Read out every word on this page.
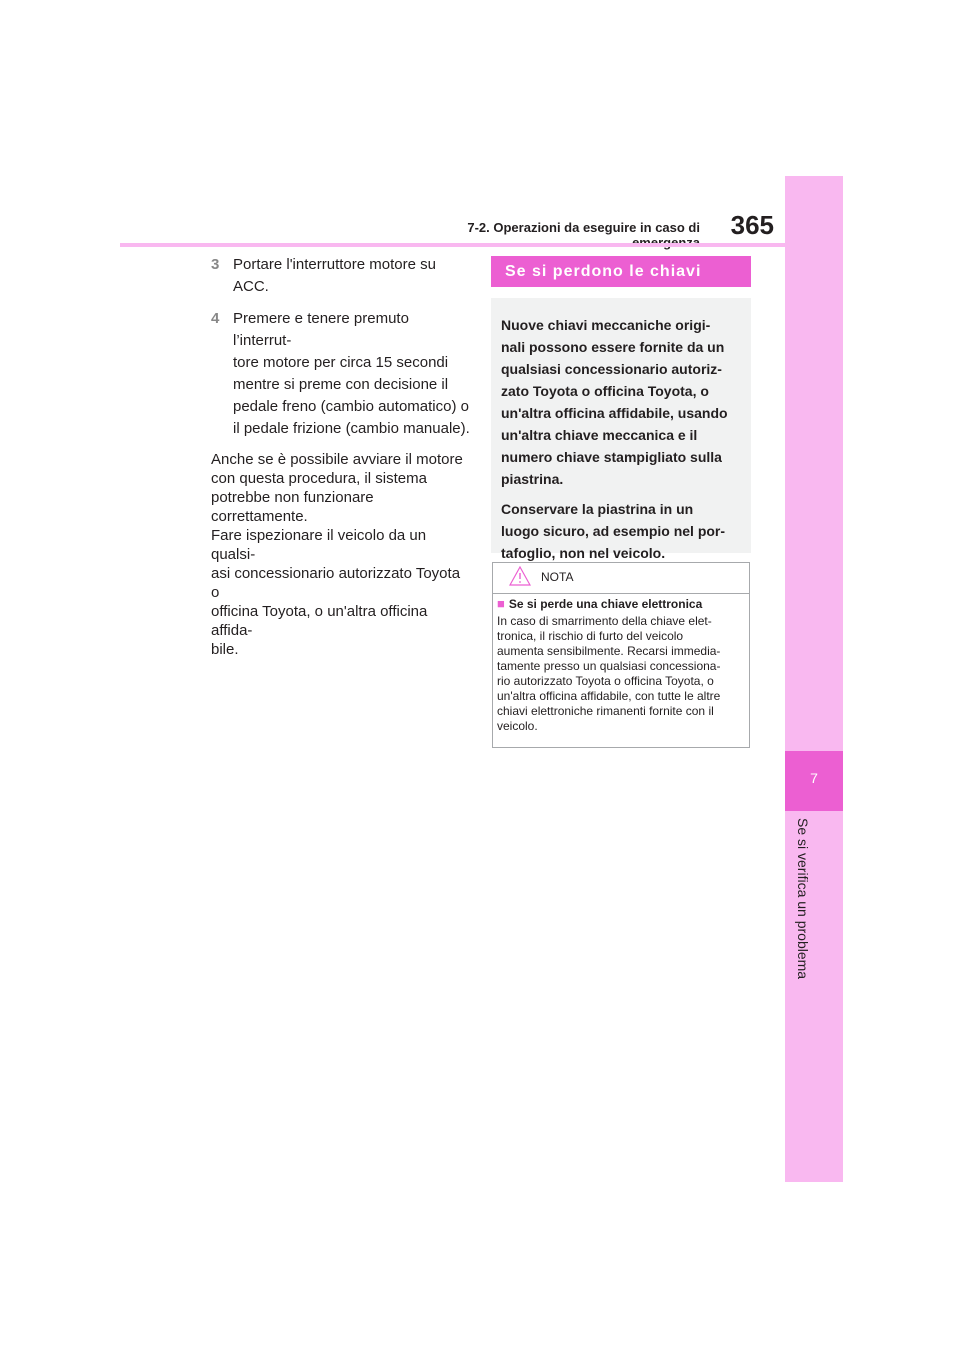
7
Se si verifica un problema
7-2. Operazioni da eseguire in caso di	365
3 Portare l'interruttore motore su
ACC.
4 Premere e tenere premuto l’interrut-
tore motore per circa 15 secondi
mentre si preme con decisione il
pedale freno (cambio automatico) o
il pedale frizione (cambio manuale).
Anche se è possibile avviare il motore
con questa procedura, il sistema
potrebbe non funzionare correttamente.
Fare ispezionare il veicolo da un qualsi-
asi concessionario autorizzato Toyota o
officina Toyota, o un'altra officina affida-
bile.
Se si perdono le chiavi

Nuove chiavi meccaniche origi-
nali possono essere fornite da un
qualsiasi concessionario autoriz-
zato Toyota o officina Toyota, o
un'altra officina affidabile, usando
un'altra chiave meccanica e il
numero chiave stampigliato sulla
piastrina.

Conservare la piastrina in un
luogo sicuro, ad esempio nel por-
tafoglio, non nel veicolo.

NOTA
■ Se si perde una chiave elettronica
In caso di smarrimento della chiave elet-
tronica, il rischio di furto del veicolo
aumenta sensibilmente. Recarsi immedia-
tamente presso un qualsiasi concessiona-
rio autorizzato Toyota o officina Toyota, o
un'altra officina affidabile, con tutte le altre
chiavi elettroniche rimanenti fornite con il
veicolo.
